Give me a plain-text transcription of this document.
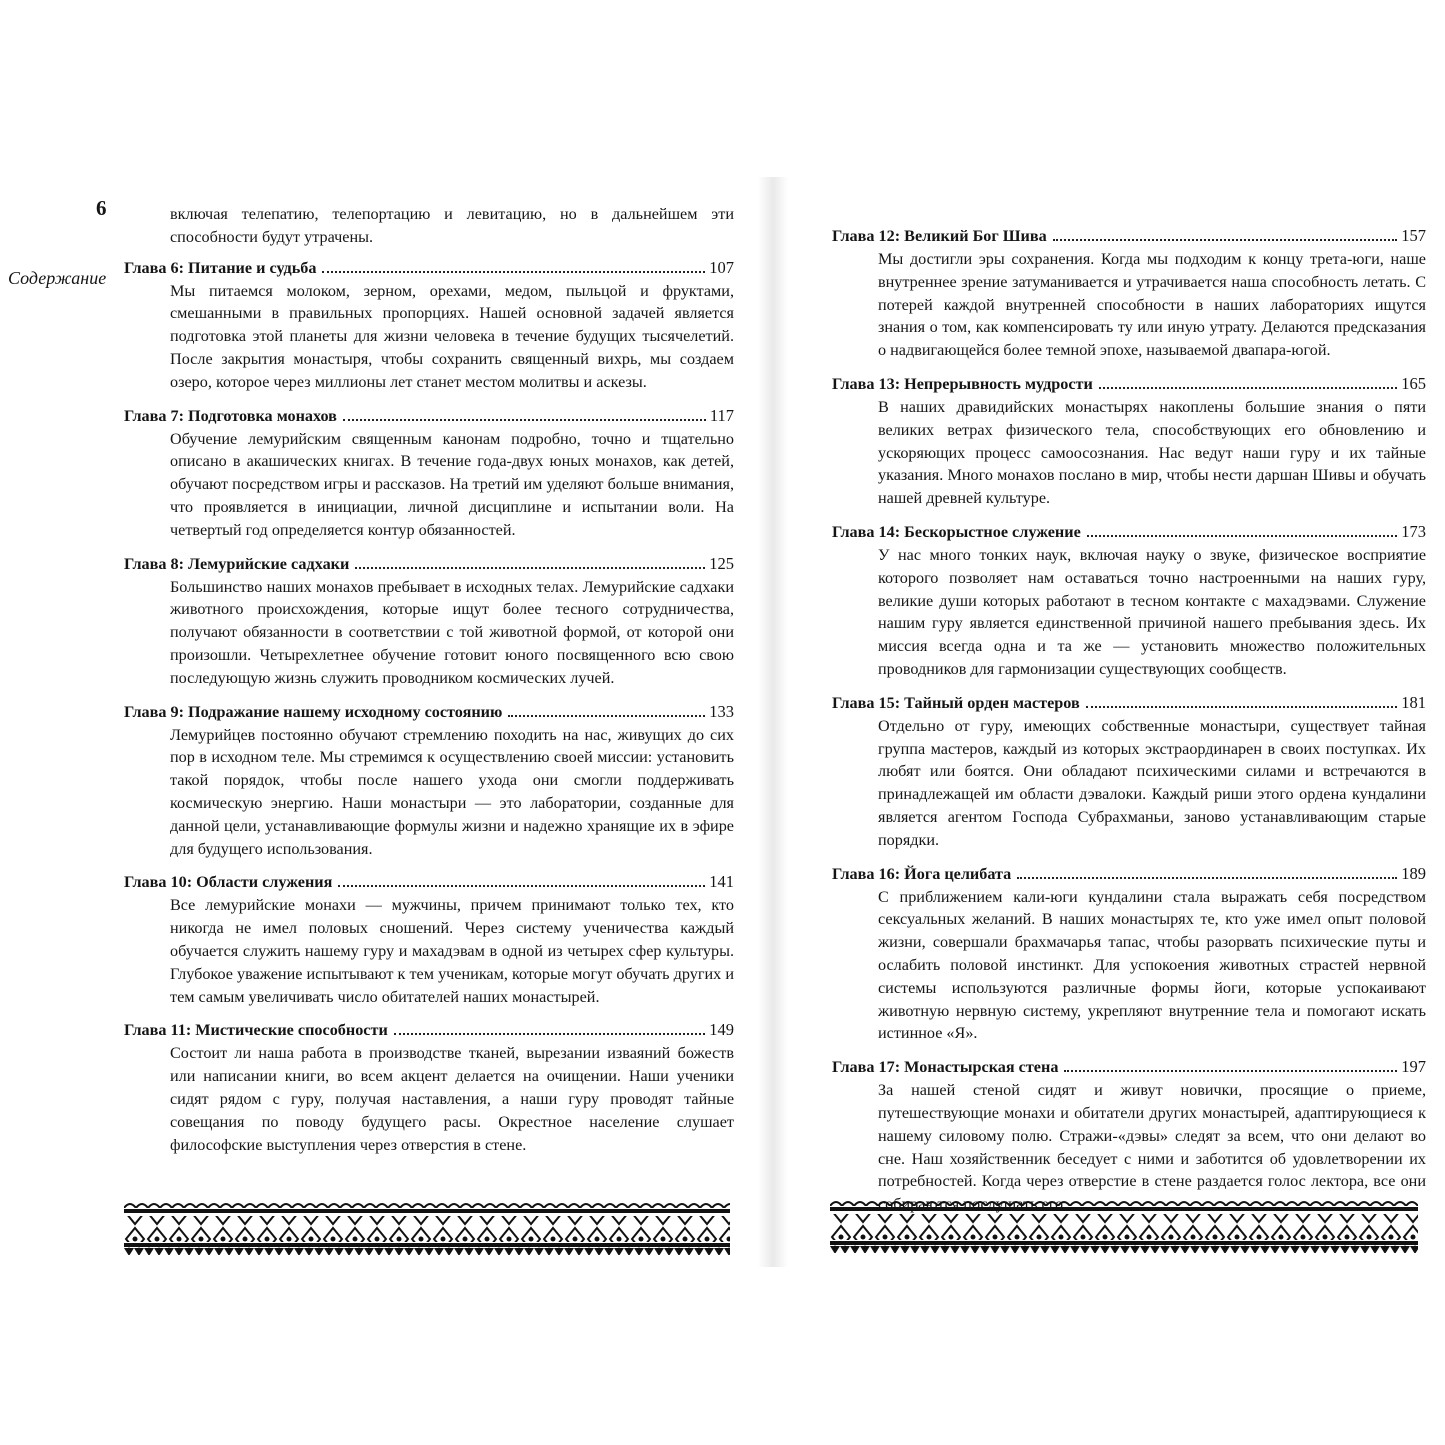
6
Содержание

включая телепатию, телепортацию и левитацию, но в дальнейшем эти способности будут утрачены.

Глава 6: Питание и судьба	107

Мы питаемся молоком, зерном, орехами, медом, пыльцой и фруктами, смешанными в правильных пропорциях. Нашей основной задачей является подготовка этой планеты для жизни человека в течение будущих тысячелетий. После закрытия монастыря, чтобы сохранить священный вихрь, мы создаем озеро, которое через миллионы лет станет местом молитвы и аскезы.

Глава 7: Подготовка монахов	117

Обучение лемурийским священным канонам подробно, точно и тщательно описано в акашических книгах. В течение года-двух юных монахов, как детей, обучают посредством игры и рассказов. На третий им уделяют больше внимания, что проявляется в инициации, личной дисциплине и испытании воли. На четвертый год определяется контур обязанностей.

Глава 8: Лемурийские садхаки	125

Большинство наших монахов пребывает в исходных телах. Лемурийские садхаки животного происхождения, которые ищут более тесного сотрудничества, получают обязанности в соответствии с той животной формой, от которой они произошли. Четырехлетнее обучение готовит юного посвященного всю свою последующую жизнь служить проводником космических лучей.

Глава 9: Подражание нашему исходному состоянию	133

Лемурийцев постоянно обучают стремлению походить на нас, живущих до сих пор в исходном теле. Мы стремимся к осуществлению своей миссии: установить такой порядок, чтобы после нашего ухода они смогли поддерживать космическую энергию. Наши монастыри — это лаборатории, созданные для данной цели, устанавливающие формулы жизни и надежно хранящие их в эфире для будущего использования.

Глава 10: Области служения	141

Все лемурийские монахи — мужчины, причем принимают только тех, кто никогда не имел половых сношений. Через систему ученичества каждый обучается служить нашему гуру и махадэвам в одной из четырех сфер культуры. Глубокое уважение испытывают к тем ученикам, которые могут обучать других и тем самым увеличивать число обитателей наших монастырей.

Глава 11: Мистические способности	149

Состоит ли наша работа в производстве тканей, вырезании изваяний божеств или написании книги, во всем акцент делается на очищении. Наши ученики сидят рядом с гуру, получая наставления, а наши гуру проводят тайные совещания по поводу будущего расы. Окрестное население слушает философские выступления через отверстия в стене.

Глава 12: Великий Бог Шива	157

Мы достигли эры сохранения. Когда мы подходим к концу трета-юги, наше внутреннее зрение затуманивается и утрачивается наша способность летать. С потерей каждой внутренней способности в наших лабораториях ищутся знания о том, как компенсировать ту или иную утрату. Делаются предсказания о надвигающейся более темной эпохе, называемой двапара-югой.

Глава 13: Непрерывность мудрости	165

В наших дравидийских монастырях накоплены большие знания о пяти великих ветрах физического тела, способствующих его обновлению и ускоряющих процесс самоосознания. Нас ведут наши гуру и их тайные указания. Много монахов послано в мир, чтобы нести даршан Шивы и обучать нашей древней культуре.

Глава 14: Бескорыстное служение	173

У нас много тонких наук, включая науку о звуке, физическое восприятие которого позволяет нам оставаться точно настроенными на наших гуру, великие души которых работают в тесном контакте с махадэвами. Служение нашим гуру является единственной причиной нашего пребывания здесь. Их миссия всегда одна и та же — установить множество положительных проводников для гармонизации существующих сообществ.

Глава 15: Тайный орден мастеров	181

Отдельно от гуру, имеющих собственные монастыри, существует тайная группа мастеров, каждый из которых экстраординарен в своих поступках. Их любят или боятся. Они обладают психическими силами и встречаются в принадлежащей им области дэвалоки. Каждый риши этого ордена кундалини является агентом Господа Субрахманьи, заново устанавливающим старые порядки.

Глава 16: Йога целибата	189

С приближением кали-юги кундалини стала выражать себя посредством сексуальных желаний. В наших монастырях те, кто уже имел опыт половой жизни, совершали брахмачарья тапас, чтобы разорвать психические путы и ослабить половой инстинкт. Для успокоения животных страстей нервной системы используются различные формы йоги, которые успокаивают животную нервную систему, укрепляют внутренние тела и помогают искать истинное «Я».

Глава 17: Монастырская стена	197

За нашей стеной сидят и живут новички, просящие о приеме, путешествующие монахи и обитатели других монастырей, адаптирующиеся к нашему силовому полю. Стражи-«дэвы» следят за всем, что они делают во сне. Наш хозяйственник беседует с ними и заботится об удовлетворении их потребностей. Когда через отверстие в стене раздается голос лектора, все они
